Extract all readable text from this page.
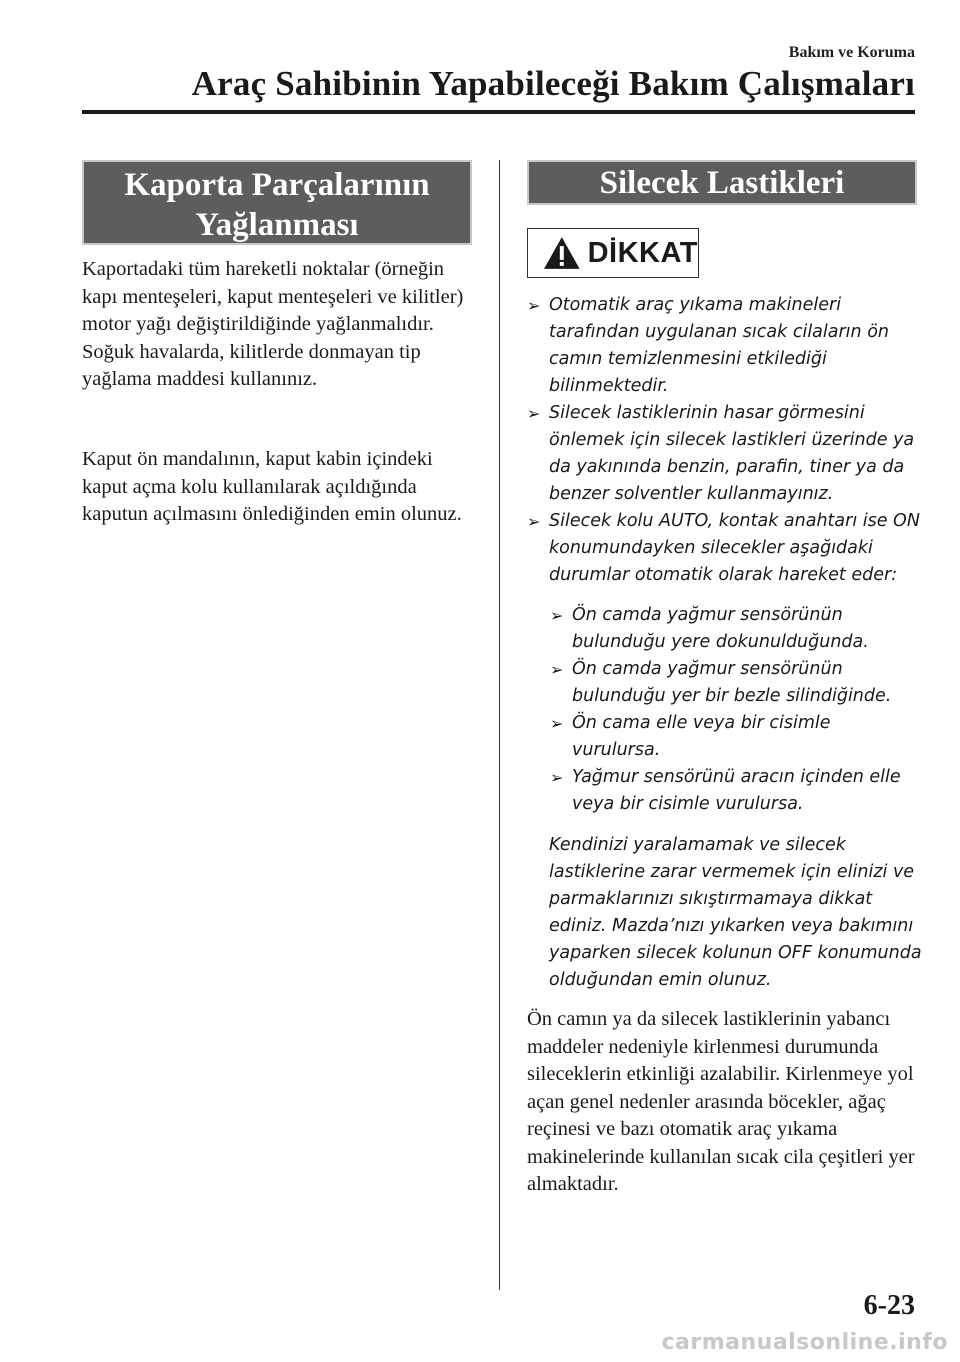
Bakım ve Koruma
Araç Sahibinin Yapabileceği Bakım Çalışmaları
Kaporta Parçalarının
Yağlanması
Kaportadaki tüm hareketli noktalar (örneğin kapı menteşeleri, kaput menteşeleri ve kilitler) motor yağı değiştirildiğinde yağlanmalıdır. Soğuk havalarda, kilitlerde donmayan tip yağlama maddesi kullanınız.
Kaput ön mandalının, kaput kabin içindeki kaput açma kolu kullanılarak açıldığında kaputun açılmasını önlediğinden emin olunuz.
Silecek Lastikleri
DİKKAT
➢ Otomatik araç yıkama makineleri tarafından uygulanan sıcak cilaların ön camın temizlenmesini etkilediği bilinmektedir.
➢ Silecek lastiklerinin hasar görmesini önlemek için silecek lastikleri üzerinde ya da yakınında benzin, parafin, tiner ya da benzer solventler kullanmayınız.
➢ Silecek kolu AUTO, kontak anahtarı ise ON konumundayken silecekler aşağıdaki durumlar otomatik olarak hareket eder:
➢ Ön camda yağmur sensörünün bulunduğu yere dokunulduğunda.
➢ Ön camda yağmur sensörünün bulunduğu yer bir bezle silindiğinde.
➢ Ön cama elle veya bir cisimle vurulursa.
➢ Yağmur sensörünü aracın içinden elle veya bir cisimle vurulursa.
Kendinizi yaralamamak ve silecek lastiklerine zarar vermemek için elinizi ve parmaklarınızı sıkıştırmamaya dikkat ediniz. Mazda’nızı yıkarken veya bakımını yaparken silecek kolunun OFF konumunda olduğundan emin olunuz.
Ön camın ya da silecek lastiklerinin yabancı maddeler nedeniyle kirlenmesi durumunda sileceklerin etkinliği azalabilir. Kirlenmeye yol açan genel nedenler arasında böcekler, ağaç reçinesi ve bazı otomatik araç yıkama makinelerinde kullanılan sıcak cila çeşitleri yer almaktadır.
6-23
carmanualsonline.info
